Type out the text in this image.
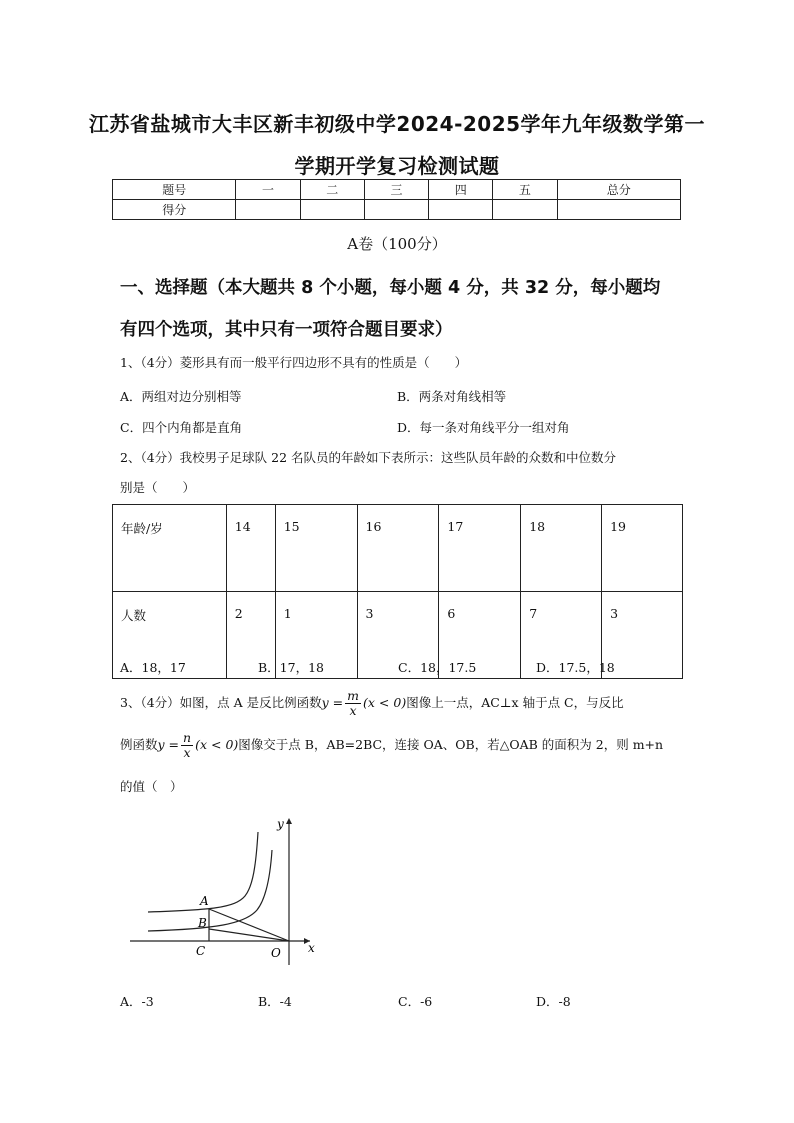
江苏省盐城市大丰区新丰初级中学2024-2025学年九年级数学第一
学期开学复习检测试题
题号	一	二	三	四	五	总分
得分						
A卷（100分）
一、选择题（本大题共 8 个小题，每小题 4 分，共 32 分，每小题均
有四个选项，其中只有一项符合题目要求）
1、（4分）菱形具有而一般平行四边形不具有的性质是（　　）
A．两组对边分别相等	B．两条对角线相等
C．四个内角都是直角	D．每一条对角线平分一组对角
2、（4分）我校男子足球队 22 名队员的年龄如下表所示：这些队员年龄的众数和中位数分
别是（　　）
年龄/岁	14	15	16	17	18	19
人数	2	1	3	6	7	3
A．18，17	B．17，18	C．18，17.5	D．17.5，18
3、（4分）如图，点 A 是反比例函数$y = \frac{m}{x} (x < 0)$图像上一点，AC⊥x 轴于点 C，与反比
例函数$y = \frac{n}{x} (x < 0)$图像交于点 B，AB=2BC，连接 OA、OB，若△OAB 的面积为 2，则 m+n
的值（　）
y
x
A
B
C	O
A．-3	B．-4	C．-6	D．-8
